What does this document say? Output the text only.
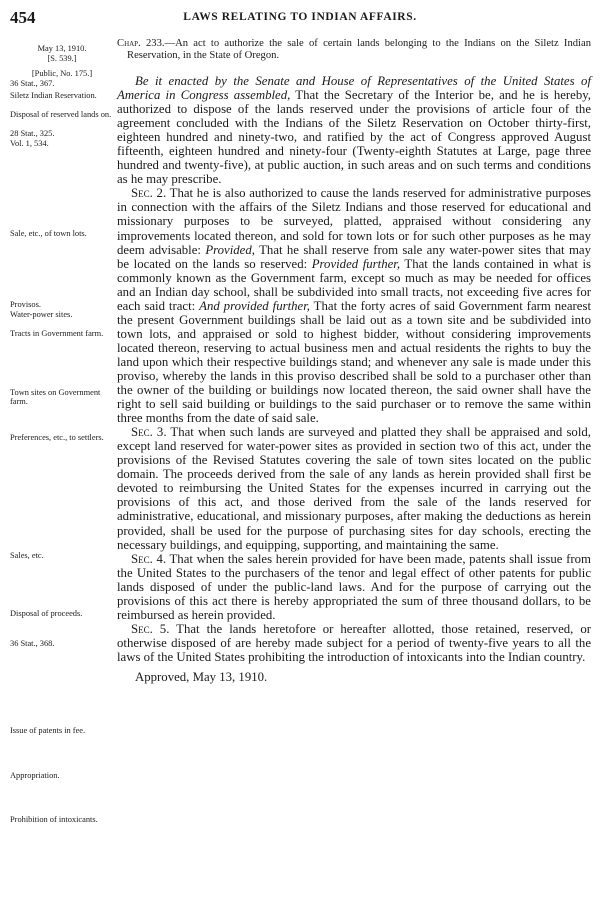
454	LAWS RELATING TO INDIAN AFFAIRS.
May 13, 1910.
[S. 539.]
[Public, No. 175.]
36 Stat., 367.
Siletz Indian Reservation.
Disposal of reserved lands on.
28 Stat., 325.
Vol. 1, 534.
Sale, etc., of town lots.
Provisos.
Water-power sites.
Tracts in Government farm.
Town sites on Government farm.
Preferences, etc., to settlers.
Sales, etc.
Disposal of proceeds.
36 Stat., 368.
Issue of patents in fee.
Appropriation.
Prohibition of intoxicants.

Chap. 233.—An act to authorize the sale of certain lands belonging to the Indians on the Siletz Indian Reservation, in the State of Oregon.

Be it enacted by the Senate and House of Representatives of the United States of America in Congress assembled, That the Secretary of the Interior be, and he is hereby, authorized to dispose of the lands reserved under the provisions of article four of the agreement concluded with the Indians of the Siletz Reservation on October thirty-first, eighteen hundred and ninety-two, and ratified by the act of Congress approved August fifteenth, eighteen hundred and ninety-four (Twenty-eighth Statutes at Large, page three hundred and twenty-five), at public auction, in such areas and on such terms and conditions as he may prescribe.

Sec. 2. That he is also authorized to cause the lands reserved for administrative purposes in connection with the affairs of the Siletz Indians and those reserved for educational and missionary purposes to be surveyed, platted, appraised without considering any improvements located thereon, and sold for town lots or for such other purposes as he may deem advisable: Provided, That he shall reserve from sale any water-power sites that may be located on the lands so reserved: Provided further, That the lands contained in what is commonly known as the Government farm, except so much as may be needed for offices and an Indian day school, shall be subdivided into small tracts, not exceeding five acres for each said tract: And provided further, That the forty acres of said Government farm nearest the present Government buildings shall be laid out as a town site and be subdivided into town lots, and appraised or sold to highest bidder, without considering improvements located thereon, reserving to actual business men and actual residents the rights to buy the land upon which their respective buildings stand; and whenever any sale is made under this proviso, whereby the lands in this proviso described shall be sold to a purchaser other than the owner of the building or buildings now located thereon, the said owner shall have the right to sell said building or buildings to the said purchaser or to remove the same within three months from the date of said sale.

Sec. 3. That when such lands are surveyed and platted they shall be appraised and sold, except land reserved for water-power sites as provided in section two of this act, under the provisions of the Revised Statutes covering the sale of town sites located on the public domain. The proceeds derived from the sale of any lands as herein provided shall first be devoted to reimbursing the United States for the expenses incurred in carrying out the provisions of this act, and those derived from the sale of the lands reserved for administrative, educational, and missionary purposes, after making the deductions as herein provided, shall be used for the purpose of purchasing sites for day schools, erecting the necessary buildings, and equipping, supporting, and maintaining the same.

Sec. 4. That when the sales herein provided for have been made, patents shall issue from the United States to the purchasers of the tenor and legal effect of other patents for public lands disposed of under the public-land laws. And for the purpose of carrying out the provisions of this act there is hereby appropriated the sum of three thousand dollars, to be reimbursed as herein provided.

Sec. 5. That the lands heretofore or hereafter allotted, those retained, reserved, or otherwise disposed of are hereby made subject for a period of twenty-five years to all the laws of the United States prohibiting the introduction of intoxicants into the Indian country.

Approved, May 13, 1910.
